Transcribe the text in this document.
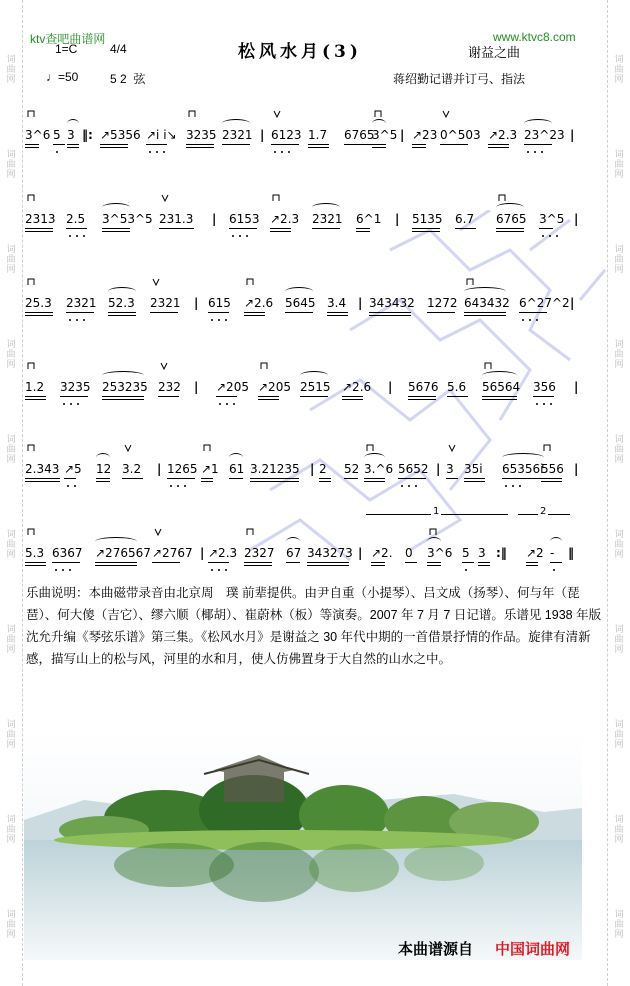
词
曲
网
词
曲
网
词
曲
网
词
曲
网
词
曲
网
词
曲
网
词
曲
网
词
曲
网
词
曲
网
词
曲
网
词
曲
网
词
曲
网
词
曲
网
词
曲
网
词
曲
网
词
曲
网
词
曲
网
词
曲
网
词
曲
网
词
曲
网
ktv查吧曲谱网	www.ktvc8.com
1=C	4/4	松风水月(3)	谢益之曲
♩=50	5 2  弦	蒋绍勤记谱并订弓、指法
3^6 5 3 ‖: ↗5356 ↗i i↘ 3235 2321 | 6123 1.7 6765
3^5 | ↗23 0^503 ↗2.3 23^23 |
2313 2.5 3^53^5 231.3 | 6153 ↗2.3 2321 6^1 | 5135 6.7 6765 3^5 |
25.3 2321 52.3 2321 | 615 ↗2.6 5645 3.4 | 343432 1272 643432 6^27^2 |
1.2 3235 253235 232 | ↗205 ↗205 2515 ↗2.6 | 5676 5.6 56564 356 |
2.343 ↗5 12 3.2 | 1265 ↗1 61 3.21235 | 2 52 3.^6 5652 | 3 35i 65356i
556 |
5.3 6367 ↗276567 ↗2767 | ↗2.3 2327 67 343273 | ↗2. 0 3^6 5 3 :‖ ↗2 - ‖
1	2
乐曲说明：本曲磁带录音由北京周　璞 前辈提供。由尹自重（小提琴）、吕文成（扬琴）、何与年（琵琶）、何大傻（吉它）、缪六顺（椰胡）、崔蔚林（板）等演奏。2007 年 7 月 7 日记谱。乐谱见 1938 年版沈允升编《琴弦乐谱》第三集。《松风水月》是谢益之 30 年代中期的一首借景抒情的作品。旋律有清新感，描写山上的松与风，河里的水和月，使人仿佛置身于大自然的山水之中。
本曲谱源自 中国词曲网
